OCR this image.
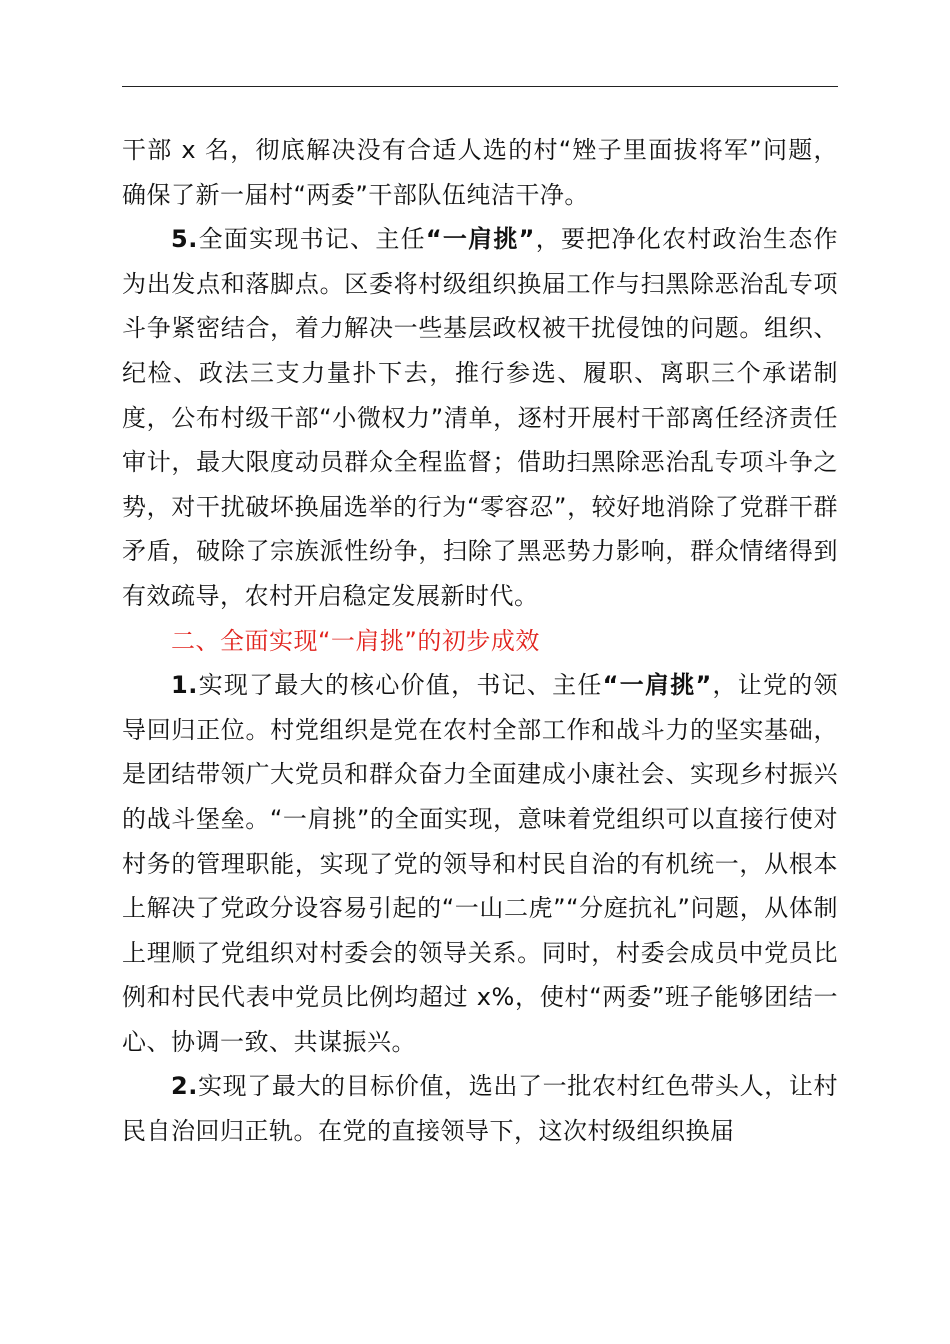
干部 x 名，彻底解决没有合适人选的村“矬子里面拔将军”问题，确保了新一届村“两委”干部队伍纯洁干净。

5.全面实现书记、主任“一肩挑”，要把净化农村政治生态作为出发点和落脚点。区委将村级组织换届工作与扫黑除恶治乱专项斗争紧密结合，着力解决一些基层政权被干扰侵蚀的问题。组织、纪检、政法三支力量扑下去，推行参选、履职、离职三个承诺制度，公布村级干部“小微权力”清单，逐村开展村干部离任经济责任审计，最大限度动员群众全程监督；借助扫黑除恶治乱专项斗争之势，对干扰破坏换届选举的行为“零容忍”，较好地消除了党群干群矛盾，破除了宗族派性纷争，扫除了黑恶势力影响，群众情绪得到有效疏导，农村开启稳定发展新时代。

二、全面实现“一肩挑”的初步成效

1.实现了最大的核心价值，书记、主任“一肩挑”，让党的领导回归正位。村党组织是党在农村全部工作和战斗力的坚实基础，是团结带领广大党员和群众奋力全面建成小康社会、实现乡村振兴的战斗堡垒。“一肩挑”的全面实现，意味着党组织可以直接行使对村务的管理职能，实现了党的领导和村民自治的有机统一，从根本上解决了党政分设容易引起的“一山二虎”“分庭抗礼”问题，从体制上理顺了党组织对村委会的领导关系。同时，村委会成员中党员比例和村民代表中党员比例均超过 x%，使村“两委”班子能够团结一心、协调一致、共谋振兴。

2.实现了最大的目标价值，选出了一批农村红色带头人，让村民自治回归正轨。在党的直接领导下，这次村级组织换届
